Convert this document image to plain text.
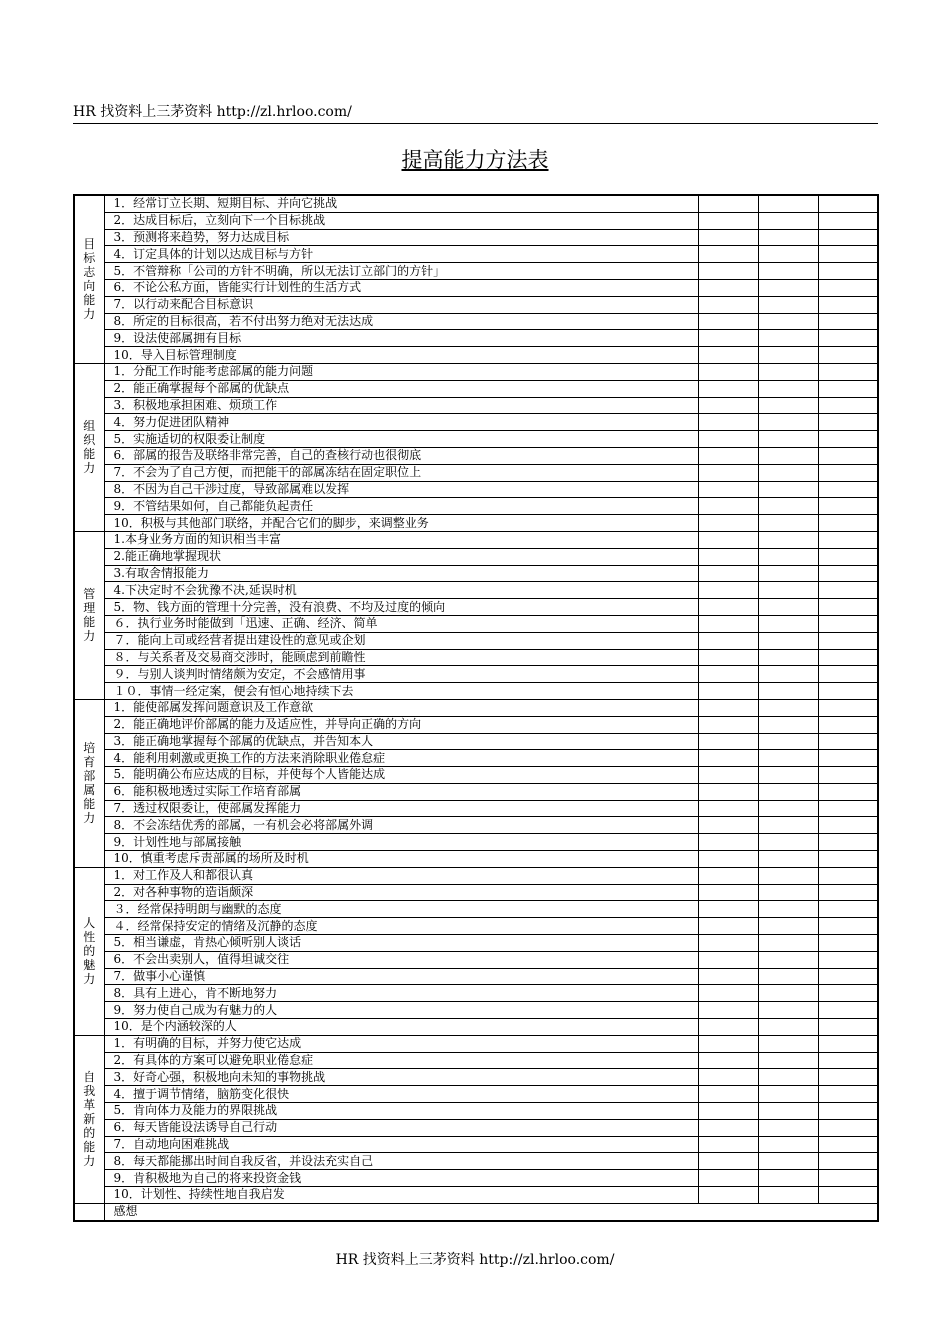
HR 找资料上三茅资料 http://zl.hrloo.com/
提高能力方法表
目标志向能力	1．经常订立长期、短期目标、并向它挑战			
	2．达成目标后，立刻向下一个目标挑战			
	3．预测将来趋势，努力达成目标			
	4．订定具体的计划以达成目标与方针			
	5．不管辩称「公司的方针不明确，所以无法订立部门的方针」			
	6．不论公私方面，皆能实行计划性的生活方式			
	7．以行动来配合目标意识			
	8．所定的目标很高，若不付出努力绝对无法达成			
	9．设法使部属拥有目标			
	10．导入目标管理制度			
组织能力	1．分配工作时能考虑部属的能力问题			
	2．能正确掌握每个部属的优缺点			
	3．积极地承担困难、烦琐工作			
	4．努力促进团队精神			
	5．实施适切的权限委让制度			
	6．部属的报告及联络非常完善，自己的查核行动也很彻底			
	7．不会为了自己方便，而把能干的部属冻结在固定职位上			
	8．不因为自己干涉过度，导致部属难以发挥			
	9．不管结果如何，自己都能负起责任			
	10．积极与其他部门联络，并配合它们的脚步，来调整业务			
管理能力	1.本身业务方面的知识相当丰富			
	2.能正确地掌握现状			
	3.有取舍情报能力			
	4.下决定时不会犹豫不决,延误时机			
	5．物、钱方面的管理十分完善，没有浪费、不均及过度的倾向			
	６．执行业务时能做到「迅速、正确、经济、简单			
	７．能向上司或经营者提出建设性的意见或企划			
	８．与关系者及交易商交涉时，能顾虑到前瞻性			
	９．与别人谈判时情绪颇为安定，不会感情用事			
	１０．事情一经定案，便会有恒心地持续下去			
培育部属能力	1．能使部属发挥问题意识及工作意欲			
	2．能正确地评价部属的能力及适应性，并导向正确的方向			
	3．能正确地掌握每个部属的优缺点，并告知本人			
	4．能利用刺激或更换工作的方法来消除职业倦怠症			
	5．能明确公布应达成的目标，并使每个人皆能达成			
	6．能积极地透过实际工作培育部属			
	7．透过权限委让，使部属发挥能力			
	8．不会冻结优秀的部属，一有机会必将部属外调			
	9．计划性地与部属接触			
	10．慎重考虑斥责部属的场所及时机			
人性的魅力	1．对工作及人和都很认真			
	2．对各种事物的造诣颇深			
	３．经常保持明朗与幽默的态度			
	４．经常保持安定的情绪及沉静的态度			
	5．相当谦虚，肯热心倾听别人谈话			
	6．不会出卖别人，值得坦诚交往			
	7．做事小心谨慎			
	8．具有上进心，肯不断地努力			
	9．努力使自己成为有魅力的人			
	10．是个内涵较深的人			
自我革新的能力	1．有明确的目标，并努力使它达成			
	2．有具体的方案可以避免职业倦怠症			
	3．好奇心强，积极地向未知的事物挑战			
	4．擅于调节情绪，脑筋变化很快			
	5．肯向体力及能力的界限挑战			
	6．每天皆能设法诱导自己行动			
	7．自动地向困难挑战			
	8．每天都能挪出时间自我反省，并设法充实自己			
	9．肯积极地为自己的将来投资金钱			
	10．计划性、持续性地自我启发			
	感想			
HR 找资料上三茅资料 http://zl.hrloo.com/
